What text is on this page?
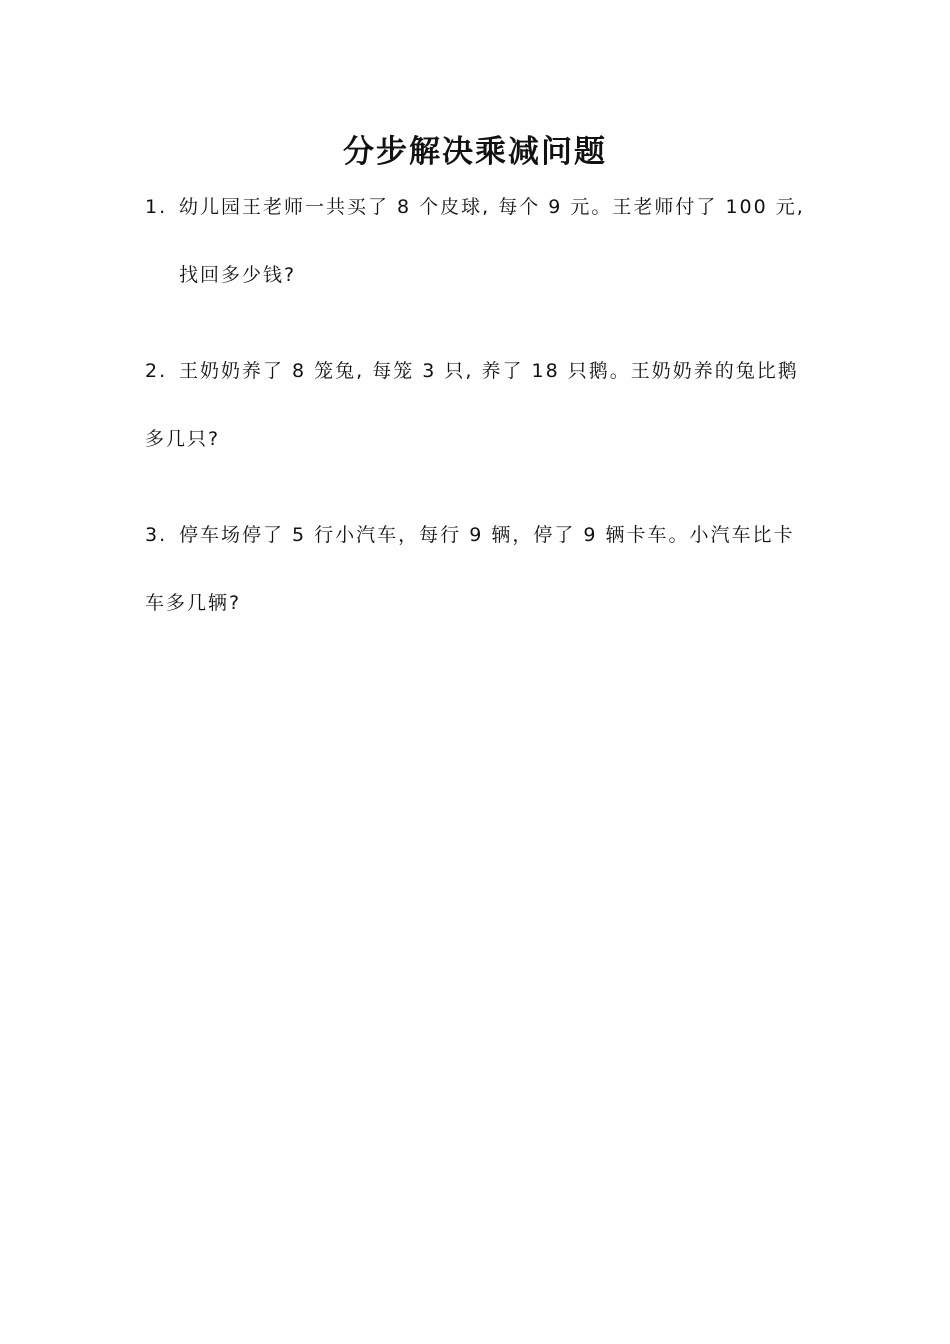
分步解决乘减问题
1. 幼儿园王老师一共买了 8 个皮球, 每个 9 元。王老师付了 100 元,
找回多少钱?
2. 王奶奶养了 8 笼兔, 每笼 3 只, 养了 18 只鹅。王奶奶养的兔比鹅
多几只?
3. 停车场停了 5 行小汽车，每行 9 辆，停了 9 辆卡车。小汽车比卡
车多几辆?
